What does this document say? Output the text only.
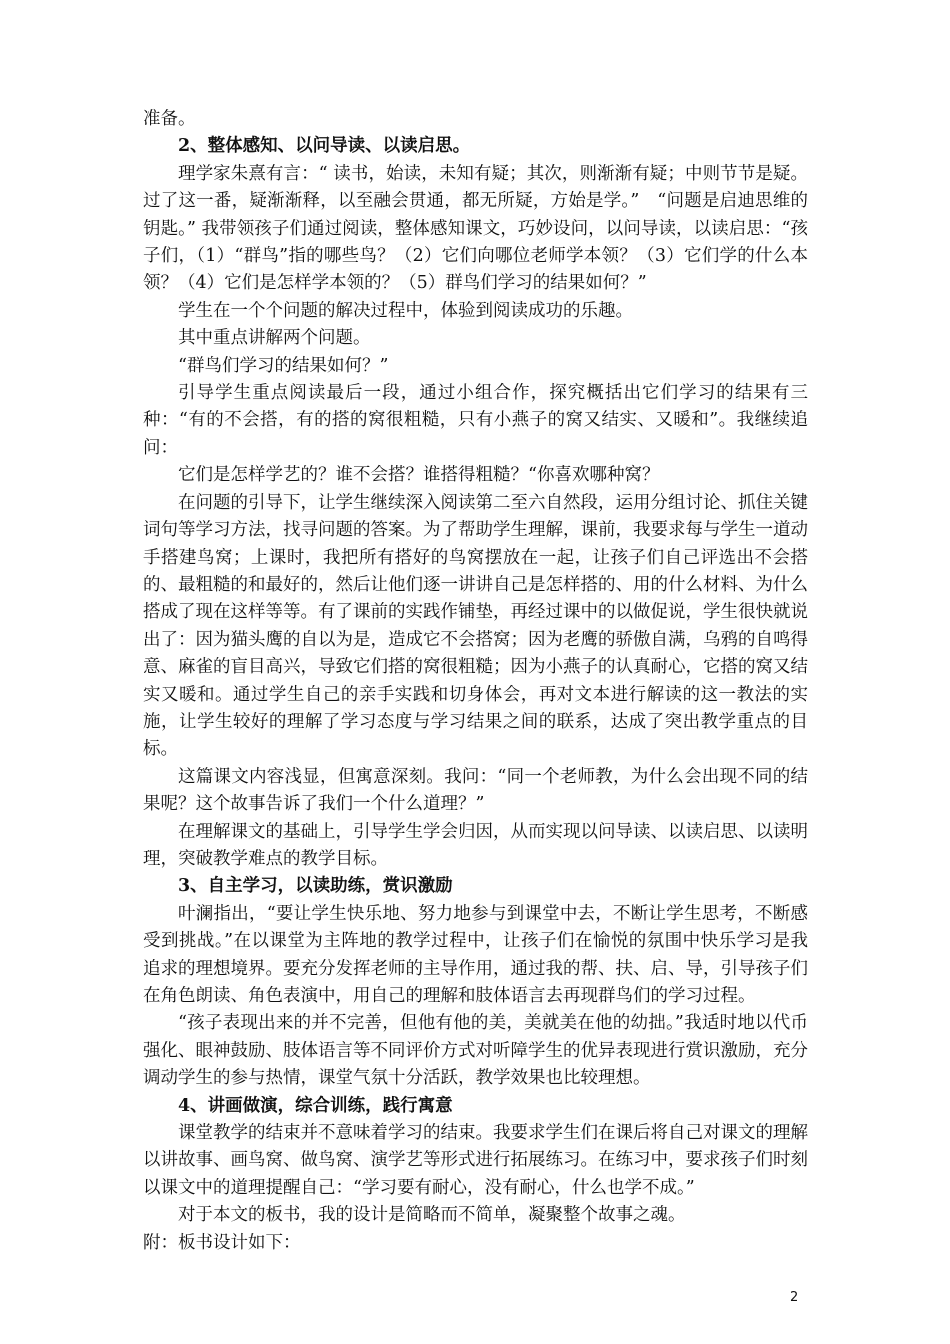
准备。

2、整体感知、以问导读、以读启思。

理学家朱熹有言：“ 读书，始读，未知有疑；其次，则渐渐有疑；中则节节是疑。过了这一番，疑渐渐释，以至融会贯通，都无所疑，方始是学。”　“问题是启迪思维的钥匙。” 我带领孩子们通过阅读，整体感知课文，巧妙设问，以问导读，以读启思：“孩子们，（1）“群鸟”指的哪些鸟？（2）它们向哪位老师学本领？（3）它们学的什么本领？（4）它们是怎样学本领的？（5）群鸟们学习的结果如何？”

学生在一个个问题的解决过程中，体验到阅读成功的乐趣。

其中重点讲解两个问题。

“群鸟们学习的结果如何？”

引导学生重点阅读最后一段，通过小组合作，探究概括出它们学习的结果有三种：“有的不会搭，有的搭的窝很粗糙，只有小燕子的窝又结实、又暖和”。我继续追问：

它们是怎样学艺的？谁不会搭？谁搭得粗糙？“你喜欢哪种窝？

在问题的引导下，让学生继续深入阅读第二至六自然段，运用分组讨论、抓住关键词句等学习方法，找寻问题的答案。为了帮助学生理解，课前，我要求每与学生一道动手搭建鸟窝；上课时，我把所有搭好的鸟窝摆放在一起，让孩子们自己评选出不会搭的、最粗糙的和最好的，然后让他们逐一讲讲自己是怎样搭的、用的什么材料、为什么搭成了现在这样等等。有了课前的实践作铺垫，再经过课中的以做促说，学生很快就说出了：因为猫头鹰的自以为是，造成它不会搭窝；因为老鹰的骄傲自满，乌鸦的自鸣得意、麻雀的盲目高兴，导致它们搭的窝很粗糙；因为小燕子的认真耐心，它搭的窝又结实又暖和。通过学生自己的亲手实践和切身体会，再对文本进行解读的这一教法的实施，让学生较好的理解了学习态度与学习结果之间的联系，达成了突出教学重点的目标。

这篇课文内容浅显，但寓意深刻。我问：“同一个老师教，为什么会出现不同的结果呢？这个故事告诉了我们一个什么道理？”

在理解课文的基础上，引导学生学会归因，从而实现以问导读、以读启思、以读明理，突破教学难点的教学目标。

3、自主学习，以读助练，赏识激励

叶澜指出，“要让学生快乐地、努力地参与到课堂中去，不断让学生思考，不断感受到挑战。”在以课堂为主阵地的教学过程中，让孩子们在愉悦的氛围中快乐学习是我追求的理想境界。要充分发挥老师的主导作用，通过我的帮、扶、启、导，引导孩子们在角色朗读、角色表演中，用自己的理解和肢体语言去再现群鸟们的学习过程。

“孩子表现出来的并不完善，但他有他的美，美就美在他的幼拙。”我适时地以代币强化、眼神鼓励、肢体语言等不同评价方式对听障学生的优异表现进行赏识激励，充分调动学生的参与热情，课堂气氛十分活跃，教学效果也比较理想。

4、讲画做演，综合训练，践行寓意

课堂教学的结束并不意味着学习的结束。我要求学生们在课后将自己对课文的理解以讲故事、画鸟窝、做鸟窝、演学艺等形式进行拓展练习。在练习中，要求孩子们时刻以课文中的道理提醒自己：“学习要有耐心，没有耐心，什么也学不成。”

对于本文的板书，我的设计是简略而不简单，凝聚整个故事之魂。

附：板书设计如下：

2
